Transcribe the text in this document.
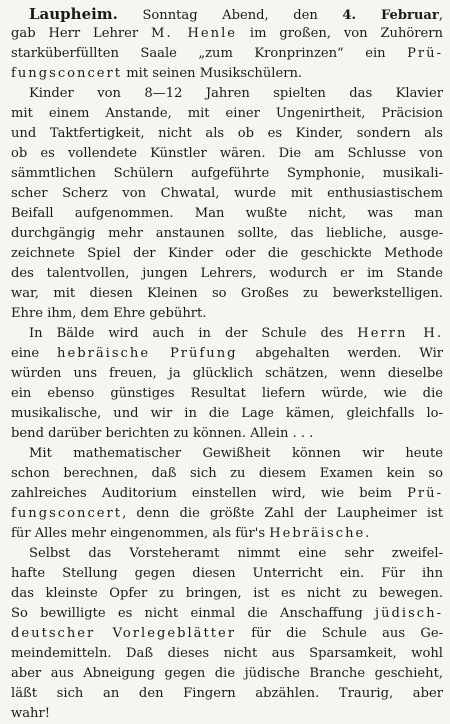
Laupheim. Sonntag Abend, den 4. Februar,
gab Herr Lehrer M. Henle im großen, von Zuhörern
starküberfüllten Saale „zum Kronprinzen“ ein Prü-
fungsconcert mit seinen Musikschülern.
Kinder von 8—12 Jahren spielten das Klavier
mit einem Anstande, mit einer Ungenirtheit, Präcision
und Taktfertigkeit, nicht als ob es Kinder, sondern als
ob es vollendete Künstler wären. Die am Schlusse von
sämmtlichen Schülern aufgeführte Symphonie, musikali-
scher Scherz von Chwatal, wurde mit enthusiastischem
Beifall aufgenommen. Man wußte nicht, was man
durchgängig mehr anstaunen sollte, das liebliche, ausge-
zeichnete Spiel der Kinder oder die geschickte Methode
des talentvollen, jungen Lehrers, wodurch er im Stande
war, mit diesen Kleinen so Großes zu bewerkstelligen.
Ehre ihm, dem Ehre gebührt.
In Bälde wird auch in der Schule des Herrn H.
eine hebräische Prüfung abgehalten werden. Wir
würden uns freuen, ja glücklich schätzen, wenn dieselbe
ein ebenso günstiges Resultat liefern würde, wie die
musikalische, und wir in die Lage kämen, gleichfalls lo-
bend darüber berichten zu können. Allein . . .
Mit mathematischer Gewißheit können wir heute
schon berechnen, daß sich zu diesem Examen kein so
zahlreiches Auditorium einstellen wird, wie beim Prü-
fungsconcert, denn die größte Zahl der Laupheimer ist
für Alles mehr eingenommen, als für's Hebräische.
Selbst das Vorsteheramt nimmt eine sehr zweifel-
hafte Stellung gegen diesen Unterricht ein. Für ihn
das kleinste Opfer zu bringen, ist es nicht zu bewegen.
So bewilligte es nicht einmal die Anschaffung jüdisch-
deutscher Vorlegeblätter für die Schule aus Ge-
meindemitteln. Daß dieses nicht aus Sparsamkeit, wohl
aber aus Abneigung gegen die jüdische Branche geschieht,
läßt sich an den Fingern abzählen. Traurig, aber
wahr!
